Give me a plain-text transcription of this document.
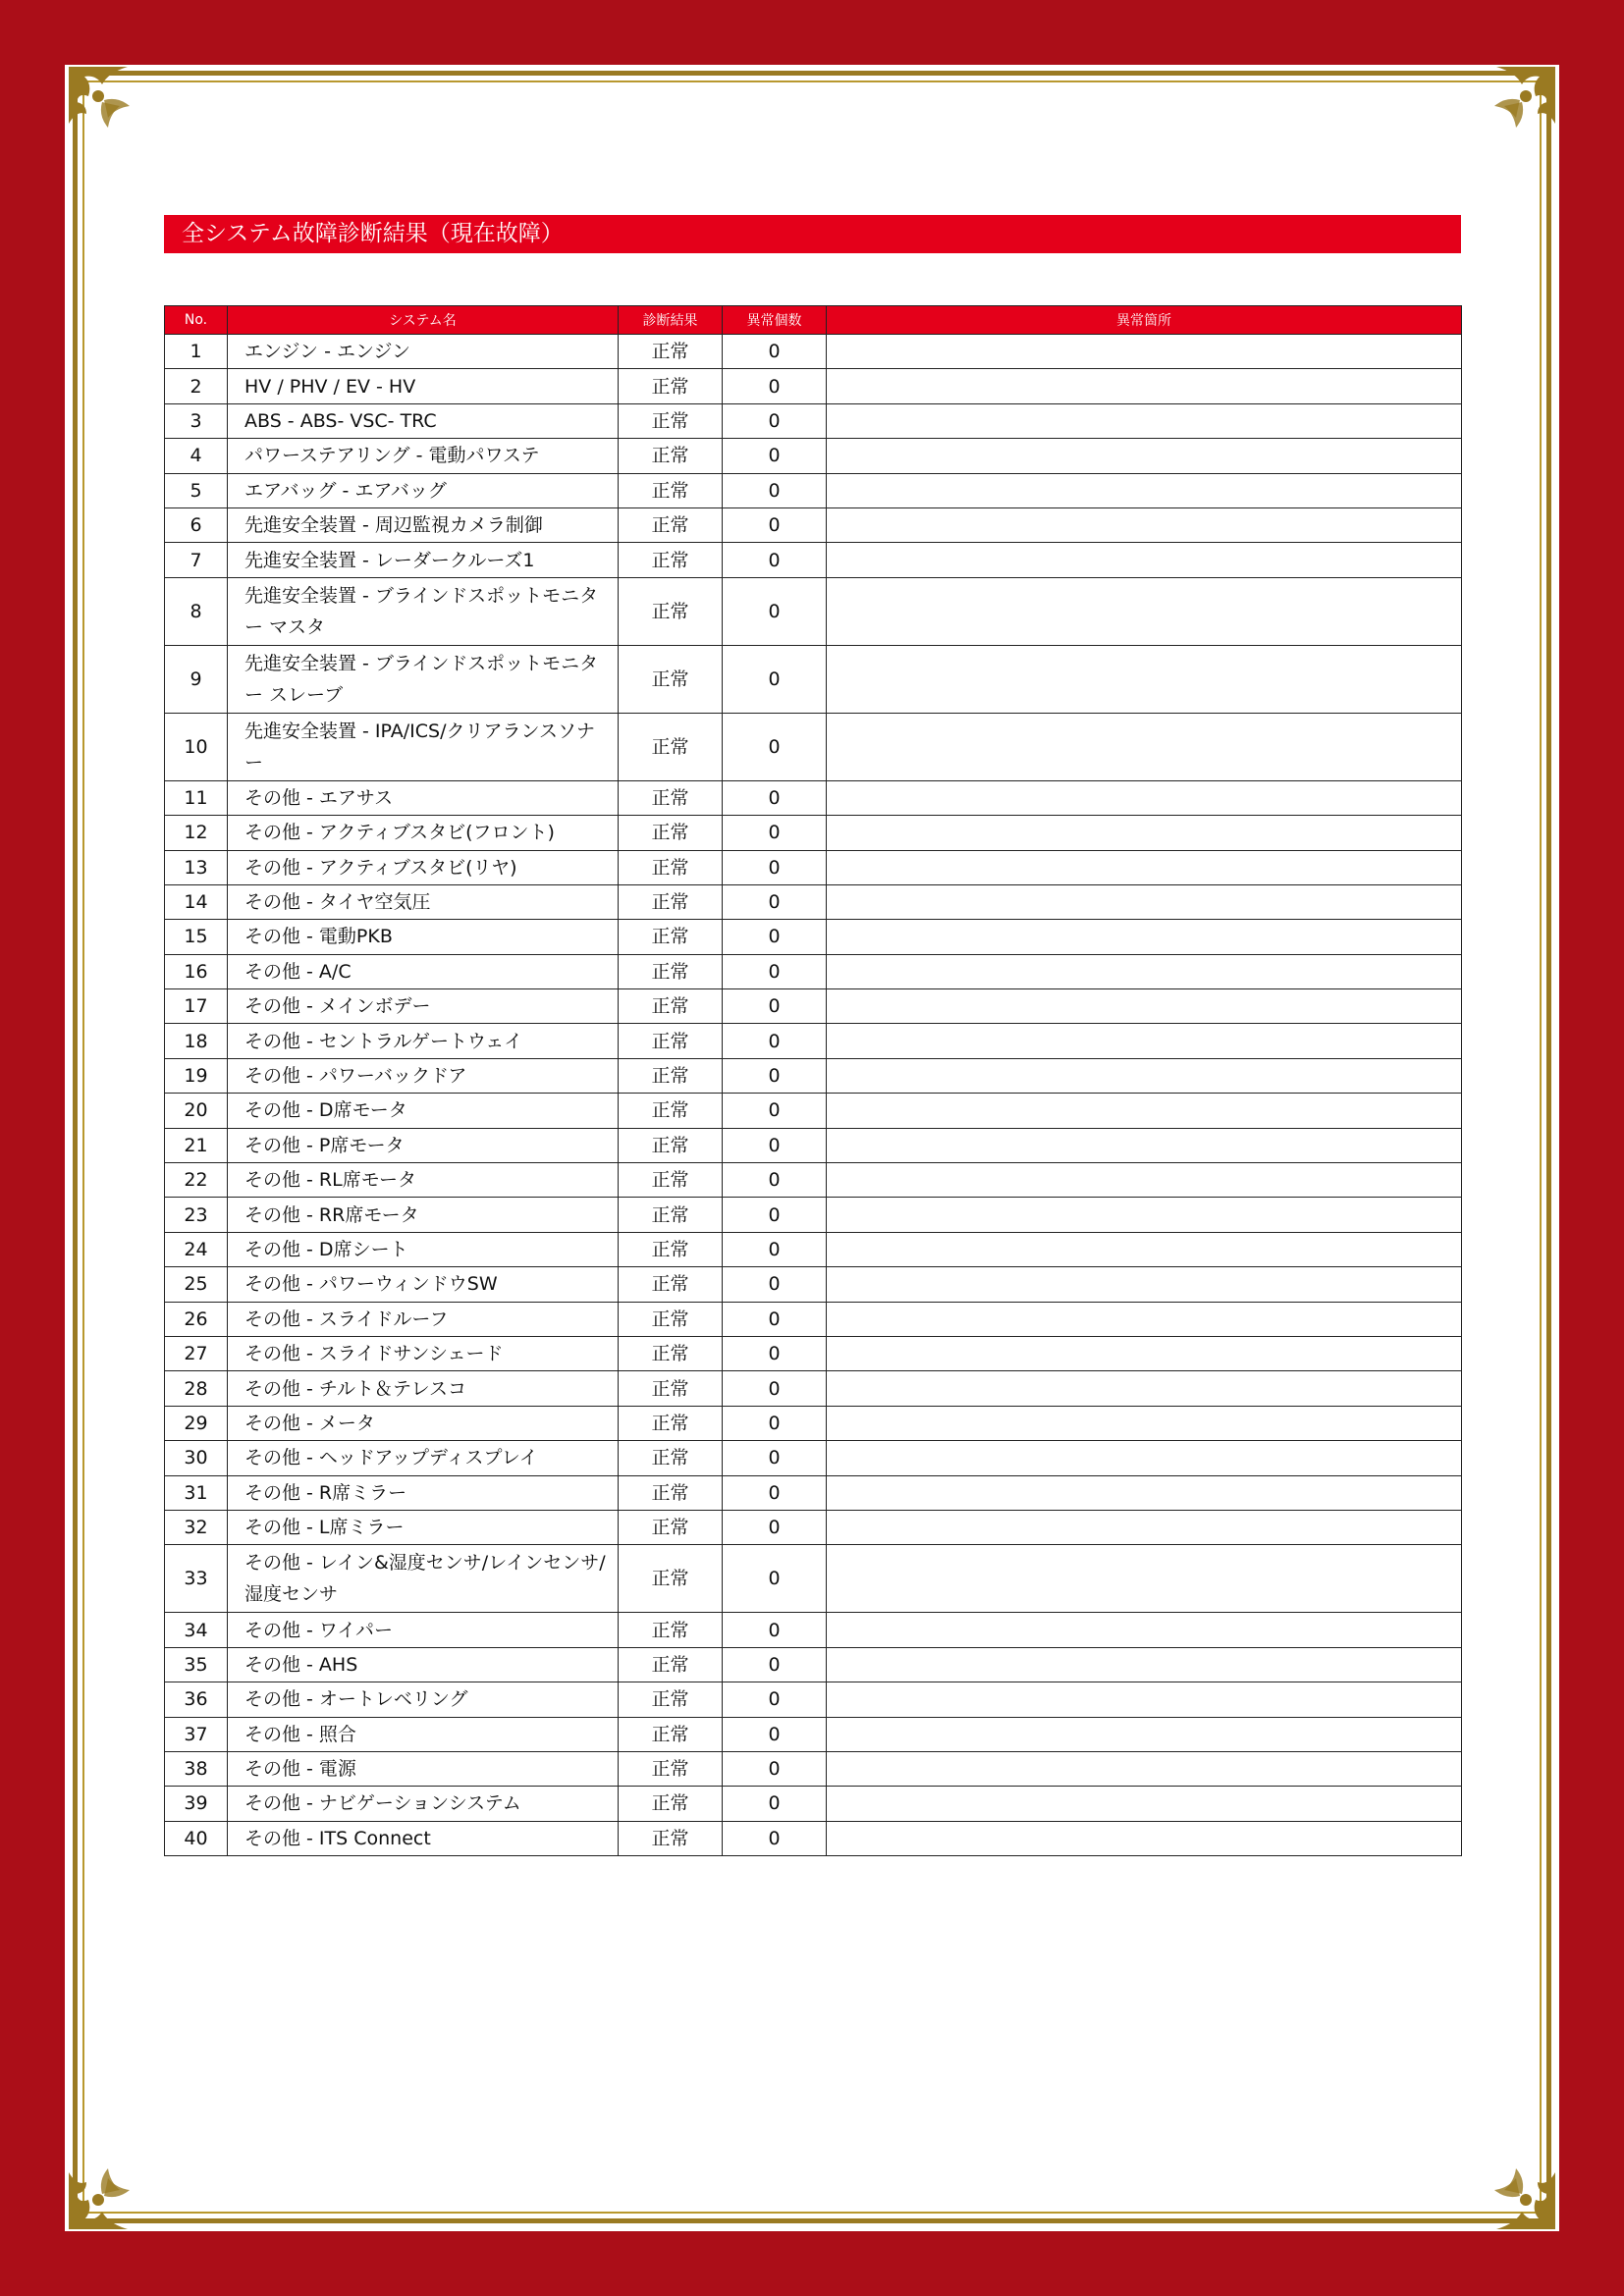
全システム故障診断結果（現在故障）
No.	システム名	診断結果	異常個数	異常箇所
1	エンジン - エンジン	正常	0	
2	HV / PHV / EV - HV	正常	0	
3	ABS - ABS- VSC- TRC	正常	0	
4	パワーステアリング - 電動パワステ	正常	0	
5	エアバッグ - エアバッグ	正常	0	
6	先進安全装置 - 周辺監視カメラ制御	正常	0	
7	先進安全装置 - レーダークルーズ1	正常	0	
8	先進安全装置 - ブラインドスポットモニター マスタ	正常	0	
9	先進安全装置 - ブラインドスポットモニター スレーブ	正常	0	
10	先進安全装置 - IPA/ICS/クリアランスソナー	正常	0	
11	その他 - エアサス	正常	0	
12	その他 - アクティブスタビ(フロント)	正常	0	
13	その他 - アクティブスタビ(リヤ)	正常	0	
14	その他 - タイヤ空気圧	正常	0	
15	その他 - 電動PKB	正常	0	
16	その他 - A/C	正常	0	
17	その他 - メインボデー	正常	0	
18	その他 - セントラルゲートウェイ	正常	0	
19	その他 - パワーバックドア	正常	0	
20	その他 - D席モータ	正常	0	
21	その他 - P席モータ	正常	0	
22	その他 - RL席モータ	正常	0	
23	その他 - RR席モータ	正常	0	
24	その他 - D席シート	正常	0	
25	その他 - パワーウィンドウSW	正常	0	
26	その他 - スライドルーフ	正常	0	
27	その他 - スライドサンシェード	正常	0	
28	その他 - チルト＆テレスコ	正常	0	
29	その他 - メータ	正常	0	
30	その他 - ヘッドアップディスプレイ	正常	0	
31	その他 - R席ミラー	正常	0	
32	その他 - L席ミラー	正常	0	
33	その他 - レイン&湿度センサ/レインセンサ/湿度センサ	正常	0	
34	その他 - ワイパー	正常	0	
35	その他 - AHS	正常	0	
36	その他 - オートレベリング	正常	0	
37	その他 - 照合	正常	0	
38	その他 - 電源	正常	0	
39	その他 - ナビゲーションシステム	正常	0	
40	その他 - ITS Connect	正常	0	
